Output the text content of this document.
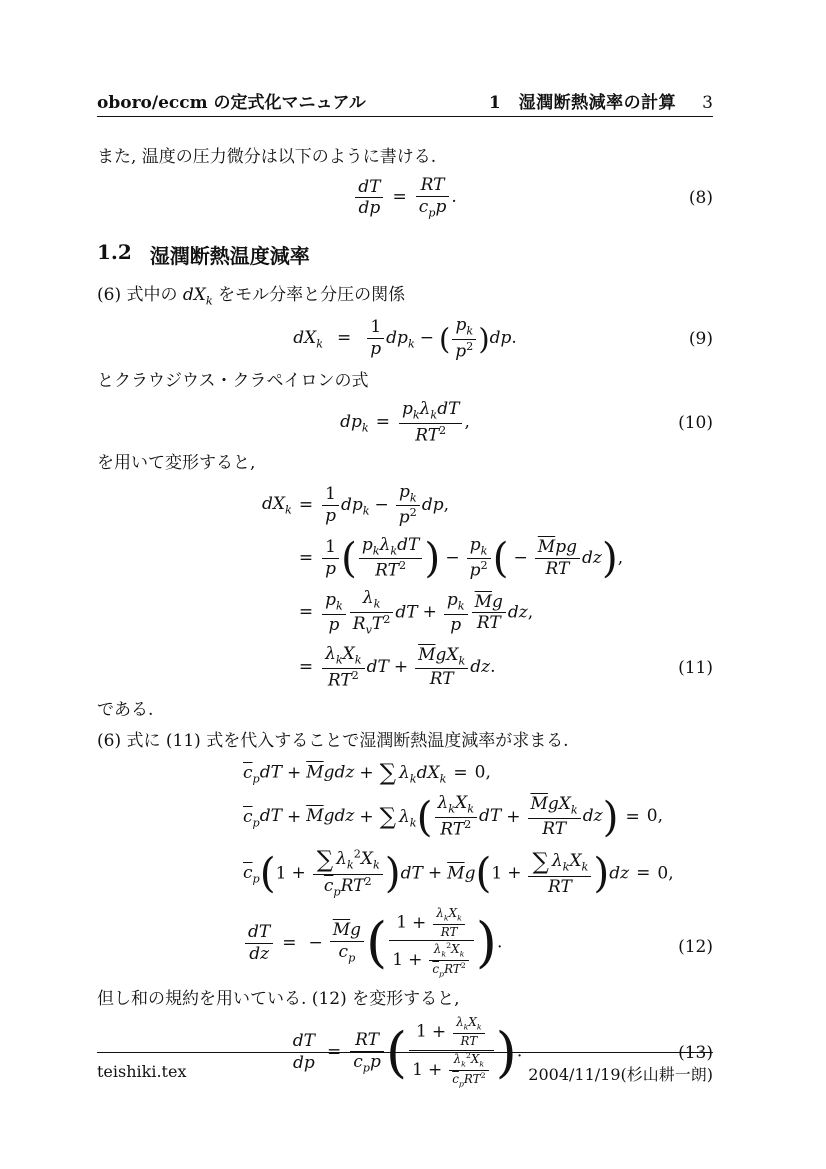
oboro/eccm の定式化マニュアル	1　湿潤断熱減率の計算 3

また, 温度の圧力微分は以下のように書ける.

$\frac{dT}{dp}$ =
RT
$c_pp$ .	(8)
1.2 湿潤断熱温度減率

(6) 式中の $dX_k$ をモル分率と分圧の関係

$dX_k = \frac{1}{p} dp_k$ − ( $\frac{p_k}{p^2} )dp$.	(9)

とクラウジウス・クラペイロンの式

$dp_k$ =
$p_k\lambda_kdT$
$RT^2$	,	(10)

を用いて変形すると,

$dX_k = \frac{1}{p} dp_k - \frac{p_k}{p^2}$ dp,
= $\frac{1}{p}$ ( $p_k\lambda_kdT$
$RT^2$ ) − $\frac{p_k}{p^2}$ ( −
$\overline{M}pg$
RT
dz),
= $\frac{p_k}{p}$	$\lambda_k$
$R_vT^2$ dT + $\frac{p_k}{p} \frac{\overline{M}g}{RT}$ dz,
=
$\lambda_kX_k$
$RT^2$ dT +
$\overline{M}gX_k$
RT
dz.	(11)

である.

(6) 式に (11) 式を代入することで湿潤断熱温度減率が求まる.

$\overline{c}_pdT + \overline{M}gdz$ + ∑ $\lambda_kdX_k = 0$,
$\overline{c}_pdT + \overline{M}gdz$ + ∑ $\lambda_k$( $\lambda_kX_k$
$RT^2$ dT +
$\overline{M}gX_k$
RT
dz) = 0,
$\overline{c}_p(1$ +
∑ $\lambda_k^2X_k$
$\overline{c}_pRT^2$ )$dT + \overline{M}g(1$ + ∑ $\lambda_kX_k$
RT )dz = 0,
$\frac{dT}{dz}$ = − $\frac{\overline{M}g}{\overline{c}_p}$ ( $1 + \lambda_kX_k$
RT
1 +
$\lambda_k^2X_k$
$\overline{c}_pRT^2$ ).	(12)

但し和の規約を用いている. (12) を変形すると,

$\frac{dT}{dp}$ =
RT
$\overline{c}_pp$ ( $1 + \lambda_kX_k$
RT
1 +
$\lambda_k^2X_k$
$\overline{c}_pRT^2$ ).	(13)
teishiki.tex	2004/11/19(杉山耕一朗)
